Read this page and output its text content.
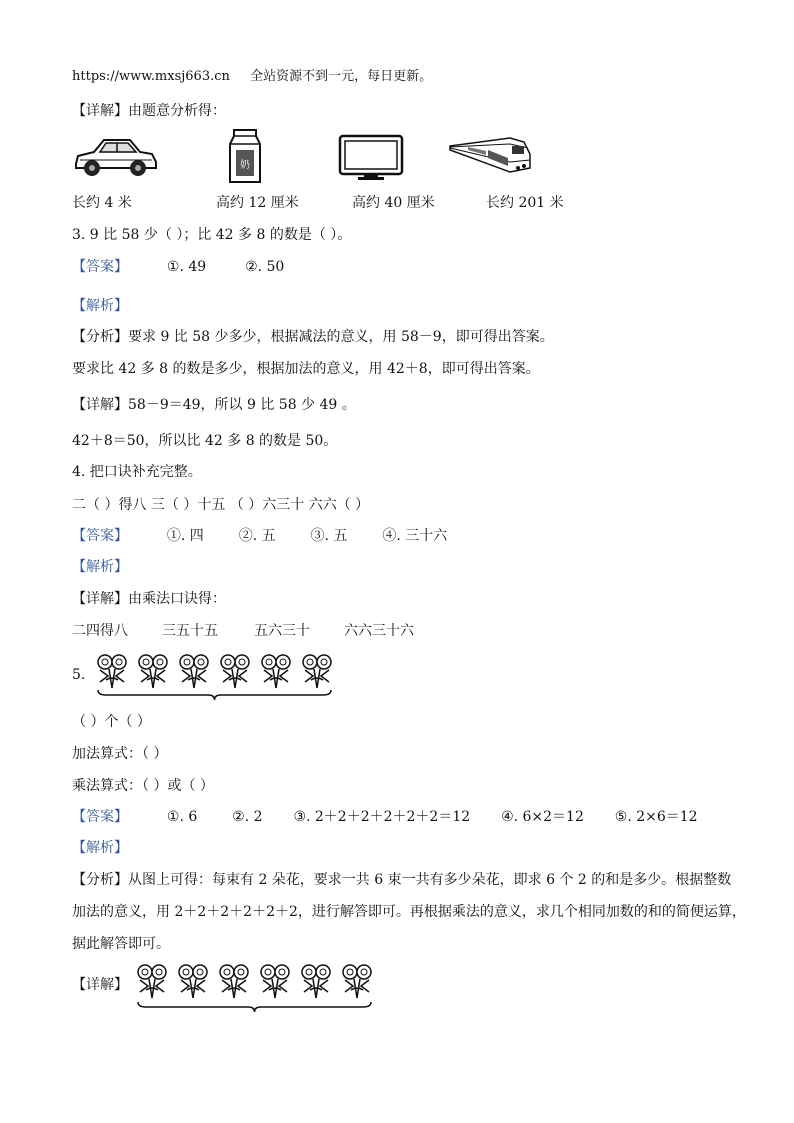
https://www.mxsj663.cn 全站资源不到一元，每日更新。
【详解】由题意分析得：
奶
长约 4 米	高约 12 厘米	高约 40 厘米	长约 201 米
3. 9 比 58 少（ ）；比 42 多 8 的数是（ ）。
【答案】	①. 49	②. 50
【解析】
【分析】要求 9 比 58 少多少，根据减法的意义，用 58－9，即可得出答案。
要求比 42 多 8 的数是多少，根据加法的意义，用 42＋8，即可得出答案。
【详解】58－9＝49，所以 9 比 58 少 49 。
42＋8＝50，所以比 42 多 8 的数是 50。
4. 把口诀补充完整。
二（ ）得八 三（ ）十五 （ ）六三十 六六（ ）
【答案】	①. 四 ②. 五 ③. 五 ④. 三十六
【解析】
【详解】由乘法口诀得：
二四得八 三五十五	五六三十 六六三十六
5.
（ ）个（ ）
加法算式：（ ）
乘法算式：（ ）或（ ）
【答案】	①. 6 ②. 2 ③. 2＋2＋2＋2＋2＋2＝12 ④. 6×2＝12 ⑤. 2×6＝12
【解析】
【分析】从图上可得：每束有 2 朵花，要求一共 6 束一共有多少朵花，即求 6 个 2 的和是多少。根据整数
加法的意义，用 2＋2＋2＋2＋2＋2，进行解答即可。再根据乘法的意义，求几个相同加数的和的简便运算，
据此解答即可。
【详解】
